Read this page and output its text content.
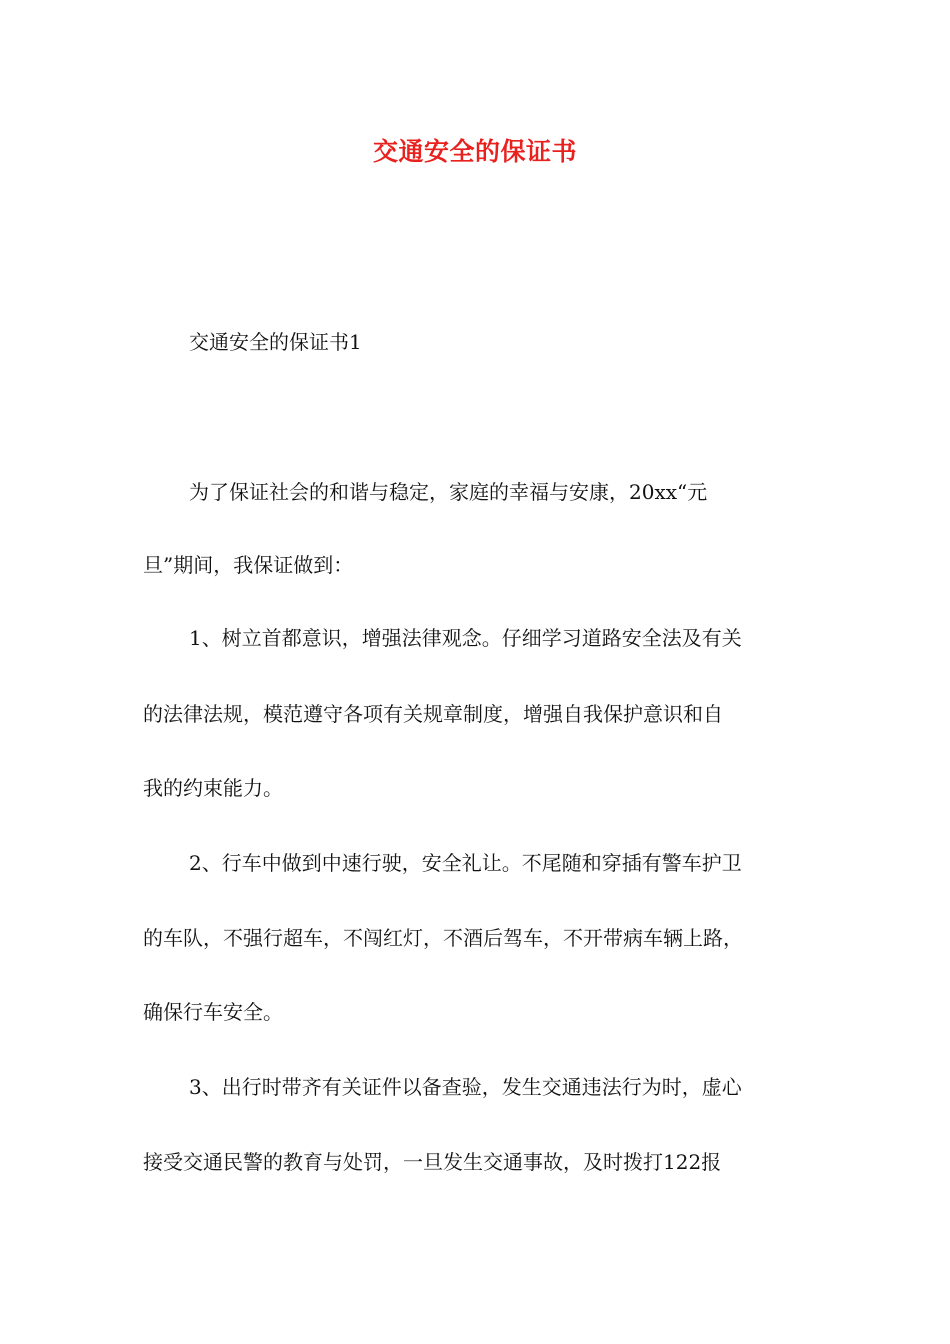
交通安全的保证书

交通安全的保证书1

为了保证社会的和谐与稳定，家庭的幸福与安康，20xx“元

旦”期间，我保证做到：

1、树立首都意识，增强法律观念。仔细学习道路安全法及有关

的法律法规，模范遵守各项有关规章制度，增强自我保护意识和自

我的约束能力。

2、行车中做到中速行驶，安全礼让。不尾随和穿插有警车护卫

的车队，不强行超车，不闯红灯，不酒后驾车，不开带病车辆上路，

确保行车安全。

3、出行时带齐有关证件以备查验，发生交通违法行为时，虚心

接受交通民警的教育与处罚，一旦发生交通事故，及时拨打122报
